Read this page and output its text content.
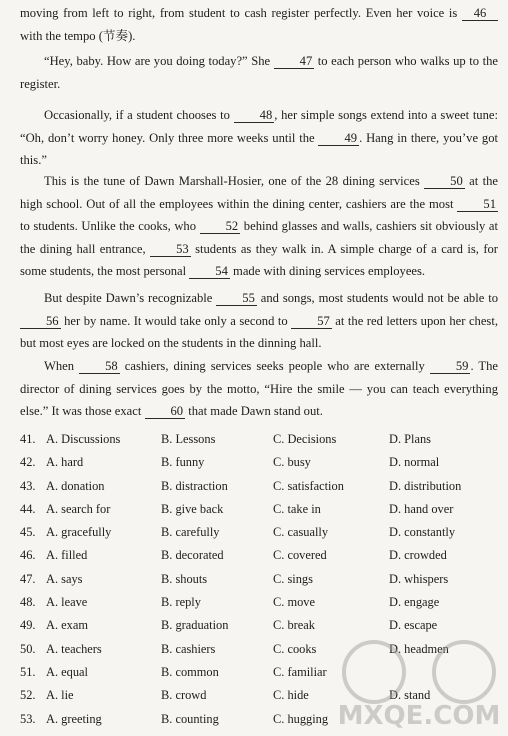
moving from left to right, from student to cash register perfectly. Even her voice is 46 with the tempo (节奏).
“Hey, baby. How are you doing today?” She 47 to each person who walks up to the register.
Occasionally, if a student chooses to 48 , her simple songs extend into a sweet tune: “Oh, don’t worry honey. Only three more weeks until the 49 . Hang in there, you’ve got this.”
This is the tune of Dawn Marshall-Hosier, one of the 28 dining services 50 at the high school. Out of all the employees within the dining center, cashiers are the most 51 to students. Unlike the cooks, who 52 behind glasses and walls, cashiers sit obviously at the dining hall entrance, 53 students as they walk in. A simple charge of a card is, for some students, the most personal 54 made with dining services employees.
But despite Dawn’s recognizable 55 and songs, most students would not be able to 56 her by name. It would take only a second to 57 at the red letters upon her chest, but most eyes are locked on the students in the dinning hall.
When 58 cashiers, dining services seeks people who are externally 59 . The director of dining services goes by the motto, “Hire the smile — you can teach everything else.” It was those exact 60 that made Dawn stand out.
41. A. Discussions	B. Lessons	C. Decisions	D. Plans
42. A. hard	B. funny	C. busy	D. normal
43. A. donation	B. distraction	C. satisfaction	D. distribution
44. A. search for	B. give back	C. take in	D. hand over
45. A. gracefully	B. carefully	C. casually	D. constantly
46. A. filled	B. decorated	C. covered	D. crowded
47. A. says	B. shouts	C. sings	D. whispers
48. A. leave	B. reply	C. move	D. engage
49. A. exam	B. graduation	C. break	D. escape
50. A. teachers	B. cashiers	C. cooks	D. headmen
51. A. equal	B. common	C. familiar
52. A. lie	B. crowd	C. hide	D. stand
53. A. greeting	B. counting	C. hugging MXQE.COM
